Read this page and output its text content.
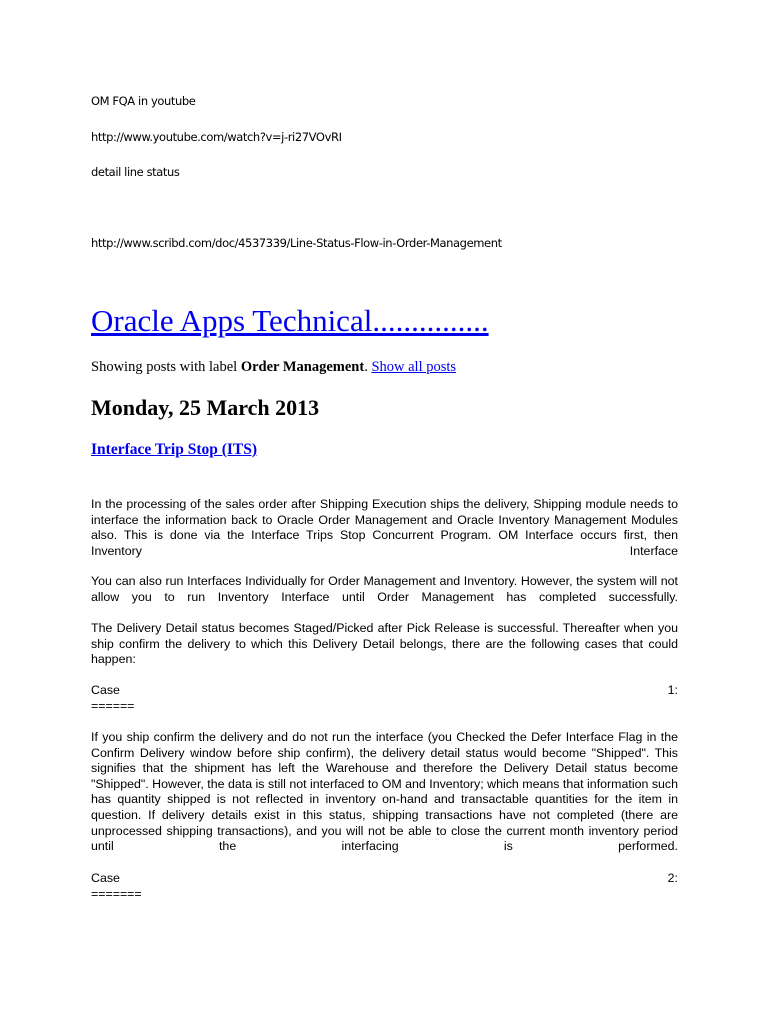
OM FQA in youtube
http://www.youtube.com/watch?v=j-ri27VOvRI
detail line status
http://www.scribd.com/doc/4537339/Line-Status-Flow-in-Order-Management
Oracle Apps Technical...............
Showing posts with label Order Management. Show all posts
Monday, 25 March 2013
Interface Trip Stop (ITS)

In the processing of the sales order after Shipping Execution ships the delivery, Shipping module needs to interface the information back to Oracle Order Management and Oracle Inventory Management Modules also. This is done via the Interface Trips Stop Concurrent Program. OM Interface occurs first, then Inventory Interface

You can also run Interfaces Individually for Order Management and Inventory. However, the system will not allow you to run Inventory Interface until Order Management has completed successfully.

The Delivery Detail status becomes Staged/Picked after Pick Release is successful. Thereafter when you ship confirm the delivery to which this Delivery Detail belongs, there are the following cases that could happen:

Case 1:

======

If you ship confirm the delivery and do not run the interface (you Checked the Defer Interface Flag in the Confirm Delivery window before ship confirm), the delivery detail status would become "Shipped". This signifies that the shipment has left the Warehouse and therefore the Delivery Detail status become "Shipped". However, the data is still not interfaced to OM and Inventory; which means that information such has quantity shipped is not reflected in inventory on-hand and transactable quantities for the item in question. If delivery details exist in this status, shipping transactions have not completed (there are unprocessed shipping transactions), and you will not be able to close the current month inventory period until the interfacing is performed.

Case 2:

=======
